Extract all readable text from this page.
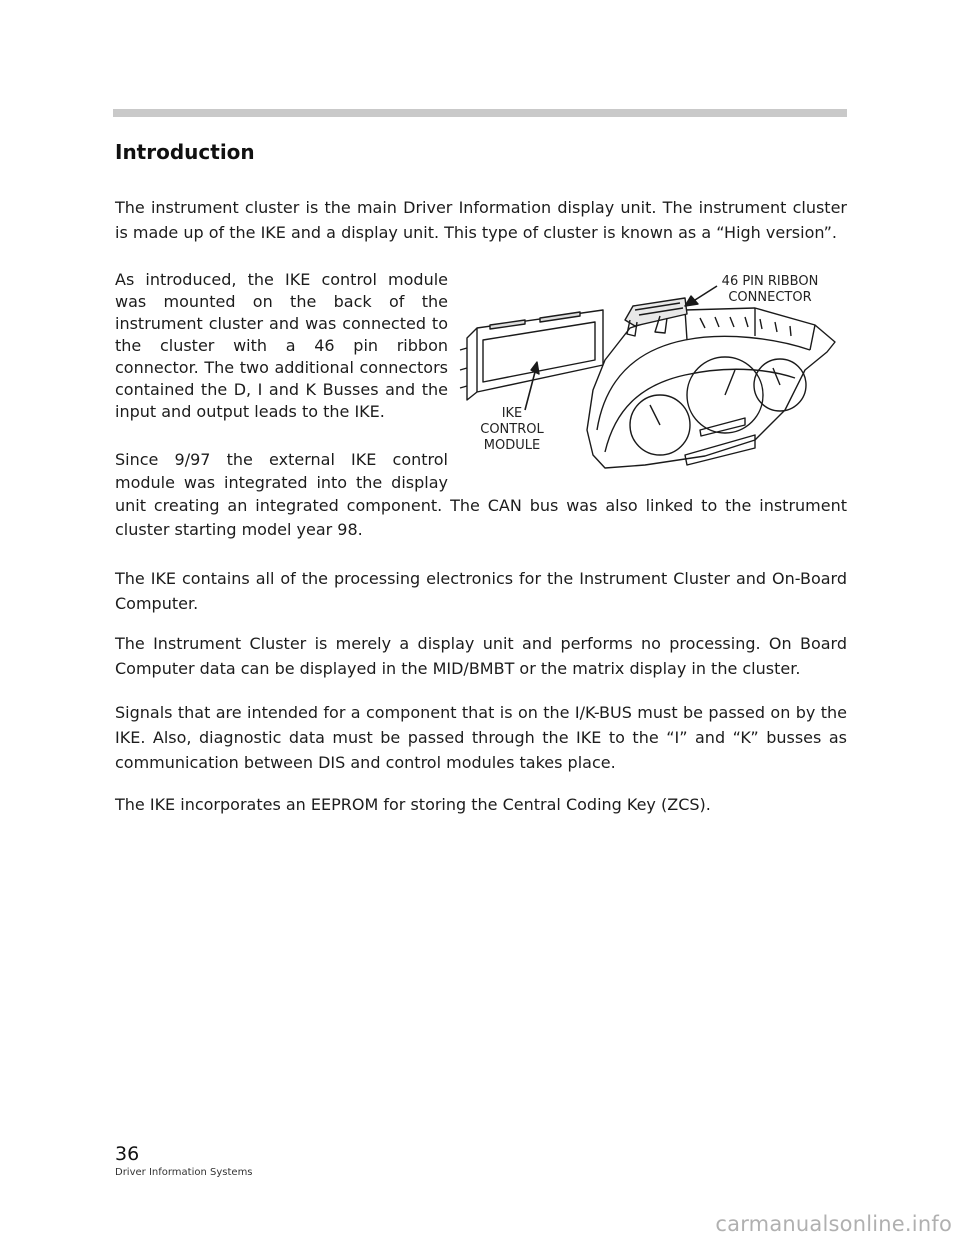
Introduction

The instrument cluster is the main Driver Information display unit. The instrument cluster is made up of the IKE and a display unit. This type of cluster is known as a “High version”.

As introduced, the IKE control module was mounted on the back of the instrument cluster and was connected to the cluster with a 46 pin ribbon connector. The two additional connectors contained the D, I and K Busses and the input and output leads to the IKE.

Since 9/97 the external IKE control module was integrated into the display

unit creating an integrated component. The CAN bus was also linked to the instrument cluster starting model year 98.

The IKE contains all of the processing electronics for the Instrument Cluster and On-Board Computer.

The Instrument Cluster is merely a display unit and performs no processing. On Board Computer data can be displayed in the MID/BMBT or the matrix display in the cluster.

Signals that are intended for a component that is on the I/K-BUS must be passed on by the IKE. Also, diagnostic data must be passed through the IKE to the “I” and “K” busses as communication between DIS and control modules takes place.

The IKE incorporates an EEPROM for storing the Central Coding Key (ZCS).

46 PIN RIBBON
CONNECTOR
IKE
CONTROL
MODULE
36
Driver Information Systems
carmanualsonline.info
